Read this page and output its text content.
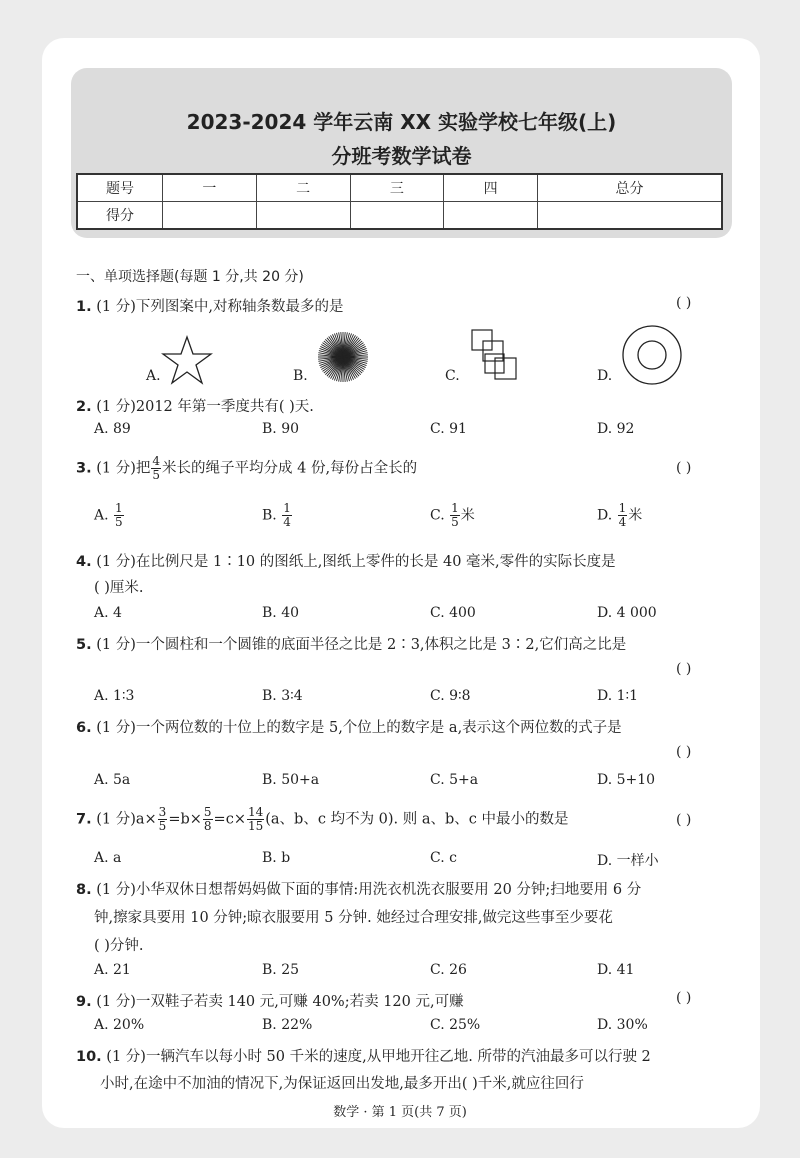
2023-2024 学年云南 XX 实验学校七年级(上)
分班考数学试卷
题号	一	二	三	四	总分
得分					
一、单项选择题(每题 1 分,共 20 分)
1. (1 分)下列图案中,对称轴条数最多的是	( )
A.	B.	C.	D.
2. (1 分)2012 年第一季度共有( )天.
A. 89	B. 90	C. 91	D. 92
3. (1 分)把 $\frac{4}{5}$ 米长的绳子平均分成 4 份,每份占全长的	( )
A. $\frac{1}{5}$	B. $\frac{1}{4}$	C. $\frac{1}{5}$ 米	D. $\frac{1}{4}$ 米
4. (1 分)在比例尺是 1∶10 的图纸上,图纸上零件的长是 40 毫米,零件的实际长度是
( )厘米.
A. 4	B. 40	C. 400	D. 4 000
5. (1 分)一个圆柱和一个圆锥的底面半径之比是 2∶3,体积之比是 3∶2,它们高之比是
( )
A. 1∶3	B. 3∶4	C. 9∶8	D. 1∶1
6. (1 分)一个两位数的十位上的数字是 5,个位上的数字是 a,表示这个两位数的式子是
( )
A. 5a	B. 50+a	C. 5+a	D. 5+10
7. (1 分)$a\times \frac{3}{5} =b\times \frac{5}{8} =c\times \frac{14}{15} (a$、b、c 均不为 0). 则 a、b、c 中最小的数是	( )
A. a	B. b	C. c	D. 一样小
8. (1 分)小华双休日想帮妈妈做下面的事情:用洗衣机洗衣服要用 20 分钟;扫地要用 6 分
钟,擦家具要用 10 分钟;晾衣服要用 5 分钟. 她经过合理安排,做完这些事至少要花
( )分钟.
A. 21	B. 25	C. 26	D. 41
9. (1 分)一双鞋子若卖 140 元,可赚 40%;若卖 120 元,可赚	( )
A. 20%	B. 22%	C. 25%	D. 30%
10. (1 分)一辆汽车以每小时 50 千米的速度,从甲地开往乙地. 所带的汽油最多可以行驶 2
小时,在途中不加油的情况下,为保证返回出发地,最多开出( )千米,就应往回行
数学 · 第 1 页(共 7 页)
